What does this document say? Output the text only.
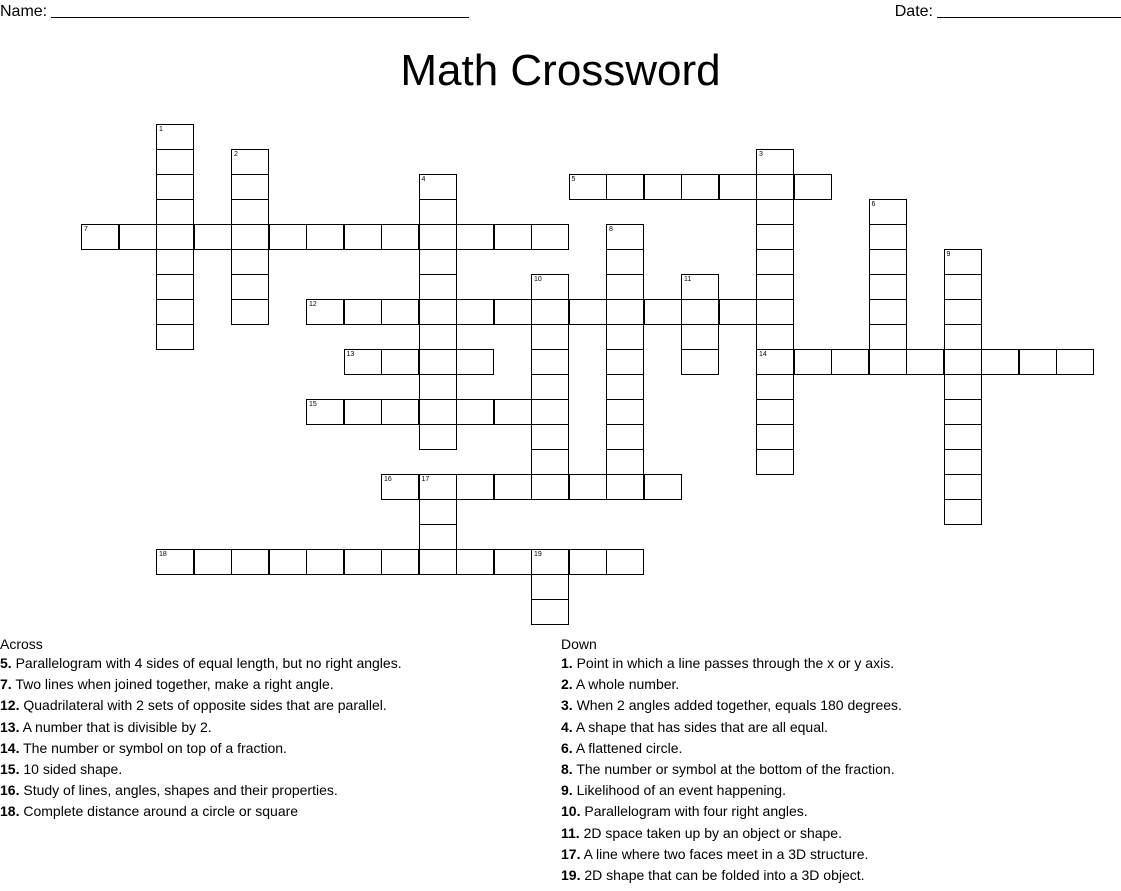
Name:	Date:
Math Crossword
1
2	3
14
4	5
6
7	8
9
10	11
12
13
15
16	17
18	19
Across
5. Parallelogram with 4 sides of equal length, but no right angles.
7. Two lines when joined together, make a right angle.
12. Quadrilateral with 2 sets of opposite sides that are parallel.
13. A number that is divisible by 2.
14. The number or symbol on top of a fraction.
15. 10 sided shape.
16. Study of lines, angles, shapes and their properties.
18. Complete distance around a circle or square
Down
1. Point in which a line passes through the x or y axis.
2. A whole number.
3. When 2 angles added together, equals 180 degrees.
4. A shape that has sides that are all equal.
6. A flattened circle.
8. The number or symbol at the bottom of the fraction.
9. Likelihood of an event happening.
10. Parallelogram with four right angles.
11. 2D space taken up by an object or shape.
17. A line where two faces meet in a 3D structure.
19. 2D shape that can be folded into a 3D object.
